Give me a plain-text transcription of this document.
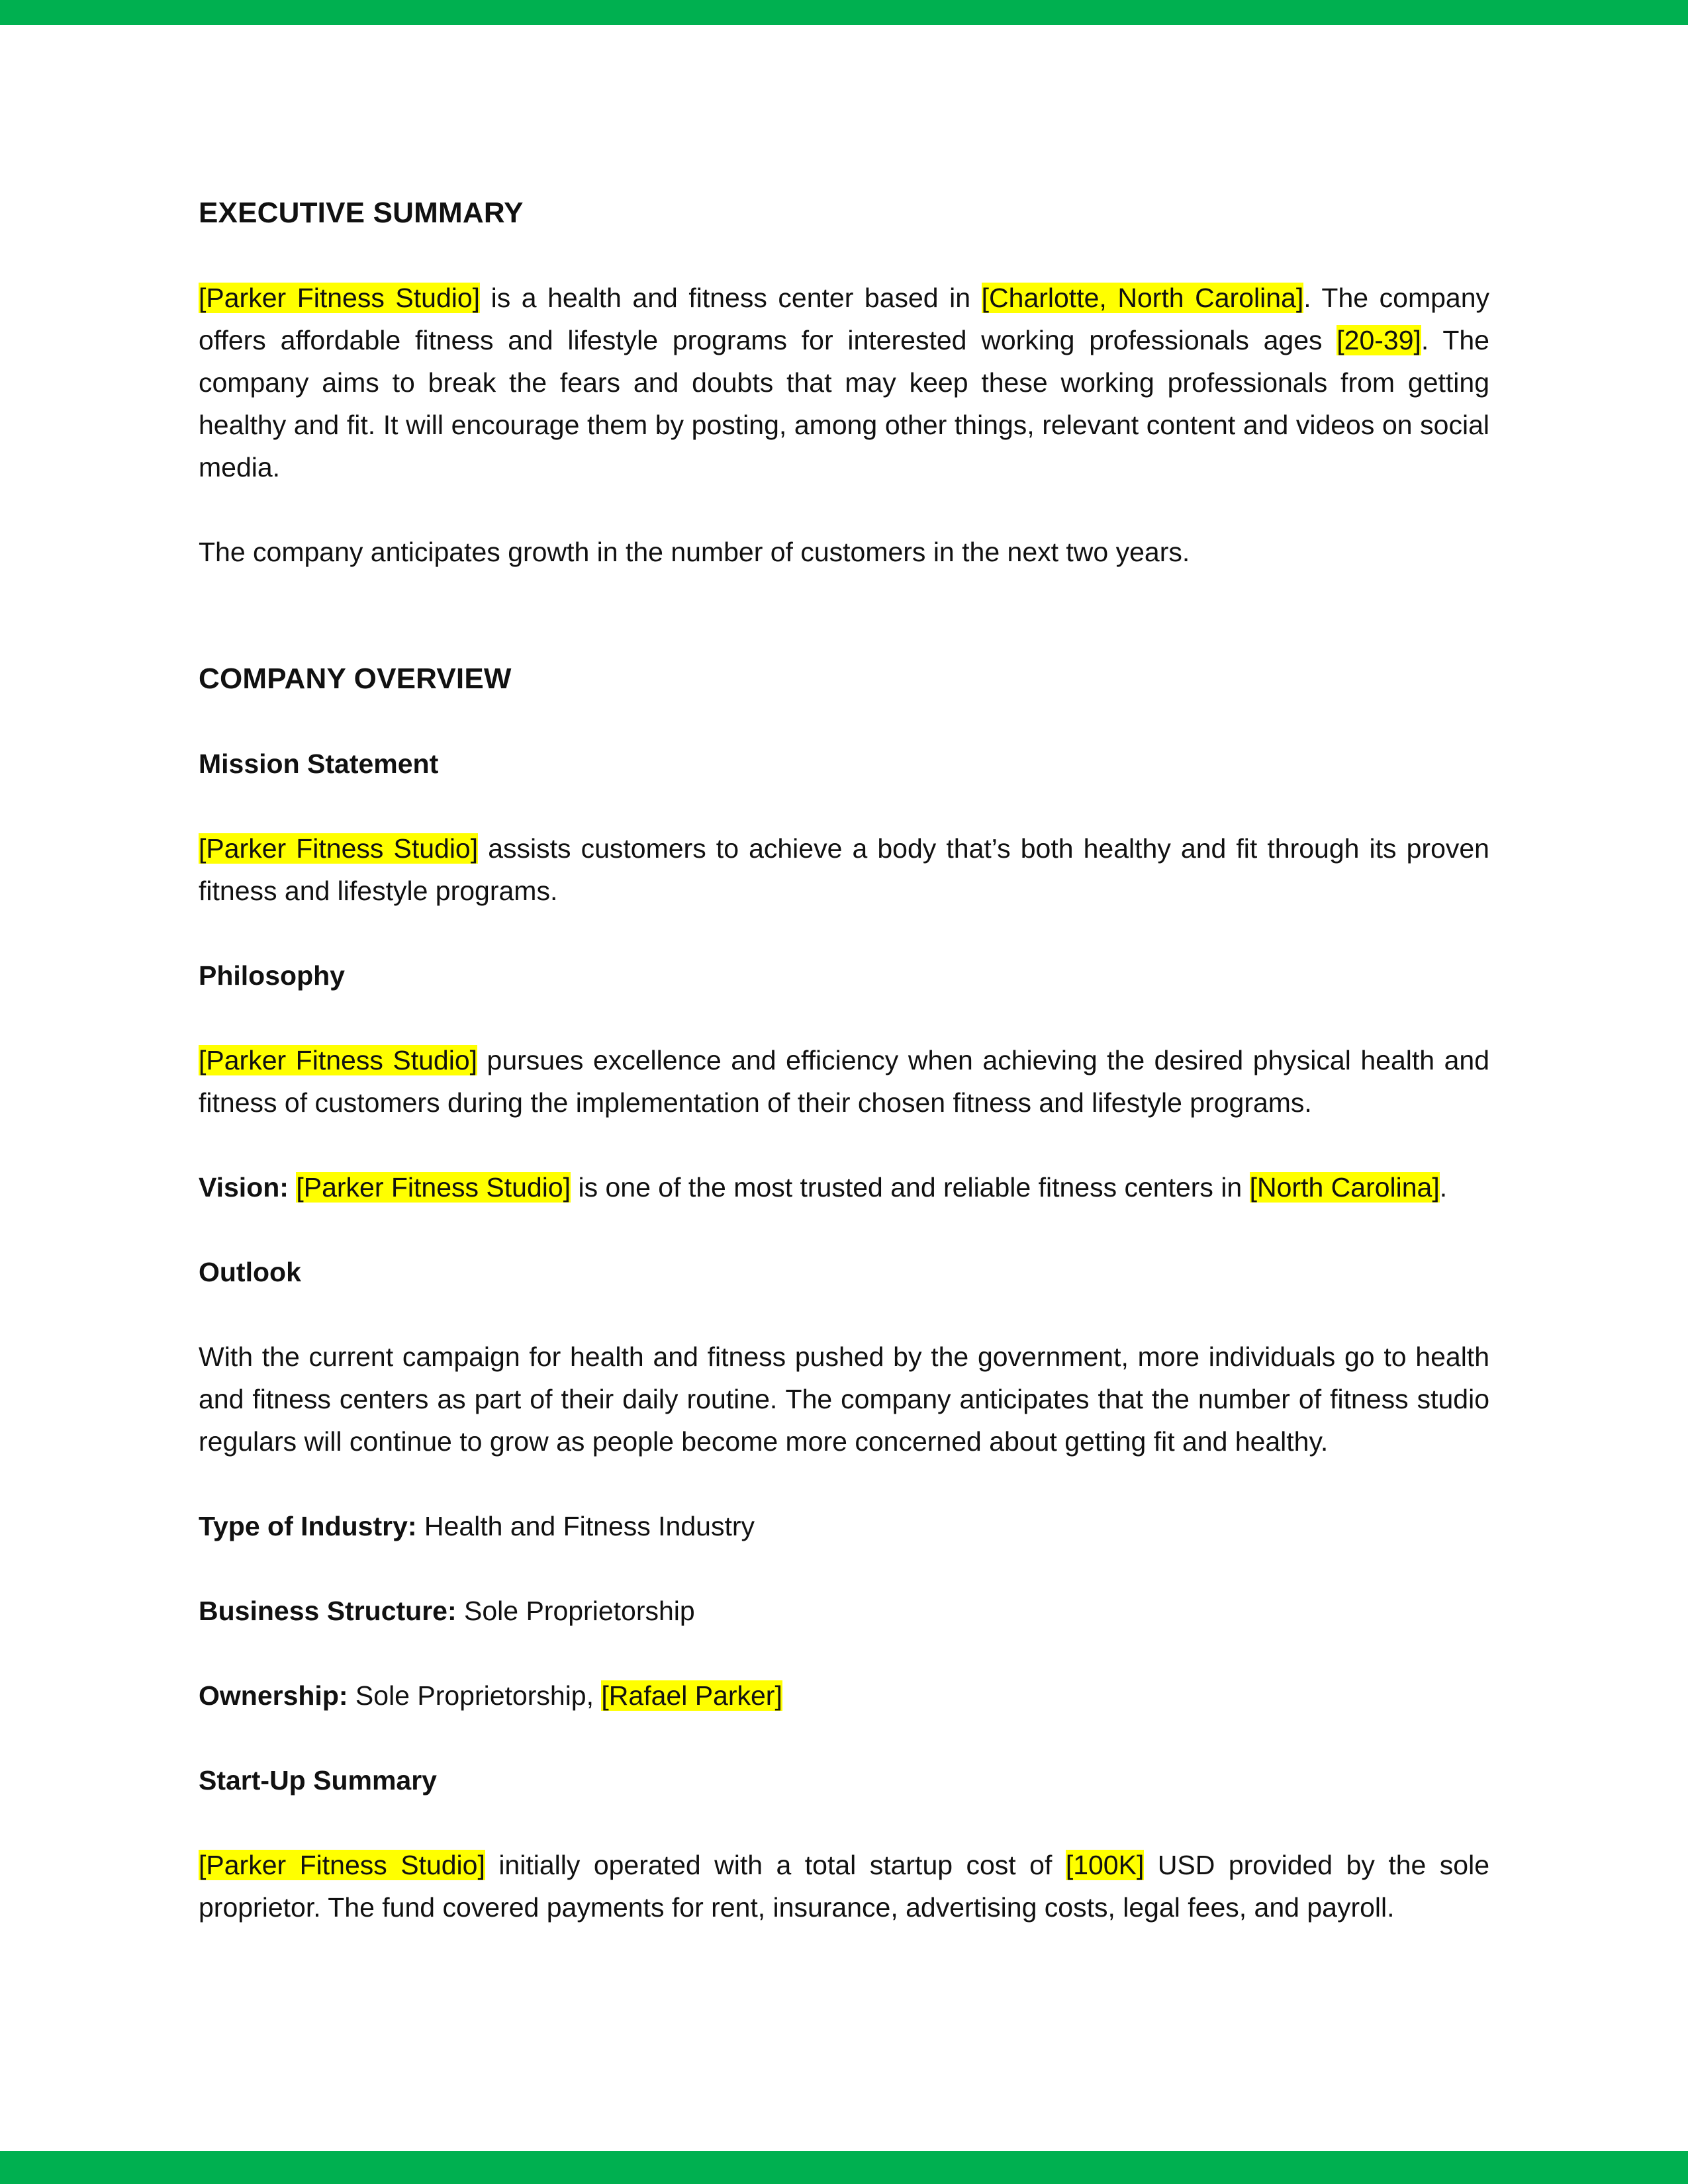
EXECUTIVE SUMMARY

[Parker Fitness Studio] is a health and fitness center based in [Charlotte, North Carolina]. The company offers affordable fitness and lifestyle programs for interested working professionals ages [20-39]. The company aims to break the fears and doubts that may keep these working professionals from getting healthy and fit. It will encourage them by posting, among other things, relevant content and videos on social media.

The company anticipates growth in the number of customers in the next two years.

COMPANY OVERVIEW
Mission Statement

[Parker Fitness Studio] assists customers to achieve a body that’s both healthy and fit through its proven fitness and lifestyle programs.

Philosophy

[Parker Fitness Studio] pursues excellence and efficiency when achieving the desired physical health and fitness of customers during the implementation of their chosen fitness and lifestyle programs.

Vision: [Parker Fitness Studio] is one of the most trusted and reliable fitness centers in [North Carolina].

Outlook

With the current campaign for health and fitness pushed by the government, more individuals go to health and fitness centers as part of their daily routine. The company anticipates that the number of fitness studio regulars will continue to grow as people become more concerned about getting fit and healthy.

Type of Industry: Health and Fitness Industry

Business Structure: Sole Proprietorship

Ownership: Sole Proprietorship, [Rafael Parker]

Start-Up Summary

[Parker Fitness Studio] initially operated with a total startup cost of [100K] USD provided by the sole proprietor. The fund covered payments for rent, insurance, advertising costs, legal fees, and payroll.
